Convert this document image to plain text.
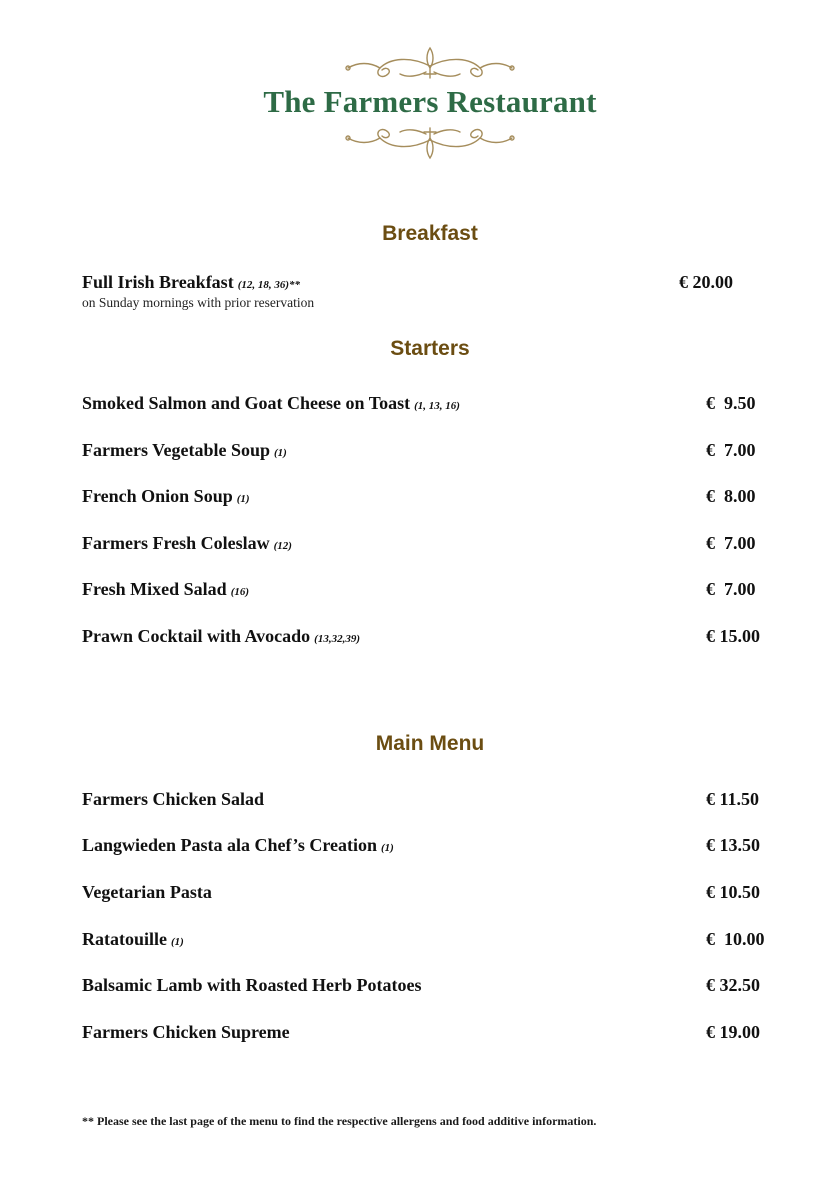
The Farmers Restaurant
Breakfast
Full Irish Breakfast (12, 18, 36)**	€ 20.00
on Sunday mornings with prior reservation
Starters
Smoked Salmon and Goat Cheese on Toast (1, 13, 16)	€  9.50
Farmers Vegetable Soup (1)	€  7.00
French Onion Soup (1)	€  8.00
Farmers Fresh Coleslaw (12)	€  7.00
Fresh Mixed Salad (16)	€  7.00
Prawn Cocktail with Avocado (13,32,39)	€ 15.00
Main Menu
Farmers Chicken Salad	€ 11.50
Langwieden Pasta ala Chef’s Creation (1)	€ 13.50
Vegetarian Pasta	€ 10.50
Ratatouille (1)	€  10.00
Balsamic Lamb with Roasted Herb Potatoes	€ 32.50
Farmers Chicken Supreme	€ 19.00
** Please see the last page of the menu to find the respective allergens and food additive information.
